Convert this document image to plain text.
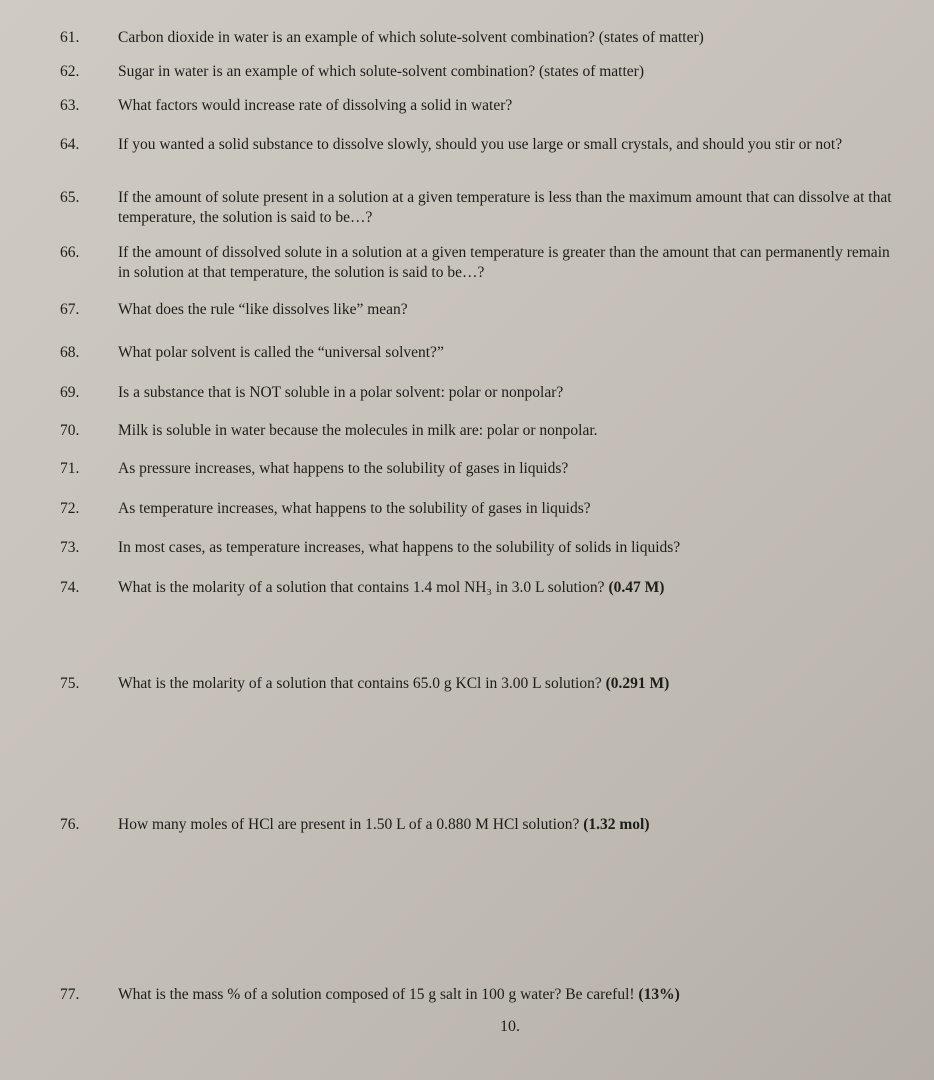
61.	Carbon dioxide in water is an example of which solute-solvent combination? (states of matter)
62.	Sugar in water is an example of which solute-solvent combination? (states of matter)
63.	What factors would increase rate of dissolving a solid in water?
64.	If you wanted a solid substance to dissolve slowly, should you use large or small crystals, and should you stir or not?
65.	If the amount of solute present in a solution at a given temperature is less than the maximum amount that can dissolve at that temperature, the solution is said to be…?
66.	If the amount of dissolved solute in a solution at a given temperature is greater than the amount that can permanently remain in solution at that temperature, the solution is said to be…?
67.	What does the rule “like dissolves like” mean?
68.	What polar solvent is called the “universal solvent?”
69.	Is a substance that is NOT soluble in a polar solvent: polar or nonpolar?
70.	Milk is soluble in water because the molecules in milk are: polar or nonpolar.
71.	As pressure increases, what happens to the solubility of gases in liquids?
72.	As temperature increases, what happens to the solubility of gases in liquids?
73.	In most cases, as temperature increases, what happens to the solubility of solids in liquids?
74.	What is the molarity of a solution that contains 1.4 mol NH₃ in 3.0 L solution? (0.47 M)
75.	What is the molarity of a solution that contains 65.0 g KCl in 3.00 L solution? (0.291 M)
76.	How many moles of HCl are present in 1.50 L of a 0.880 M HCl solution? (1.32 mol)
77.	What is the mass % of a solution composed of 15 g salt in 100 g water? Be careful! (13%)
10.
